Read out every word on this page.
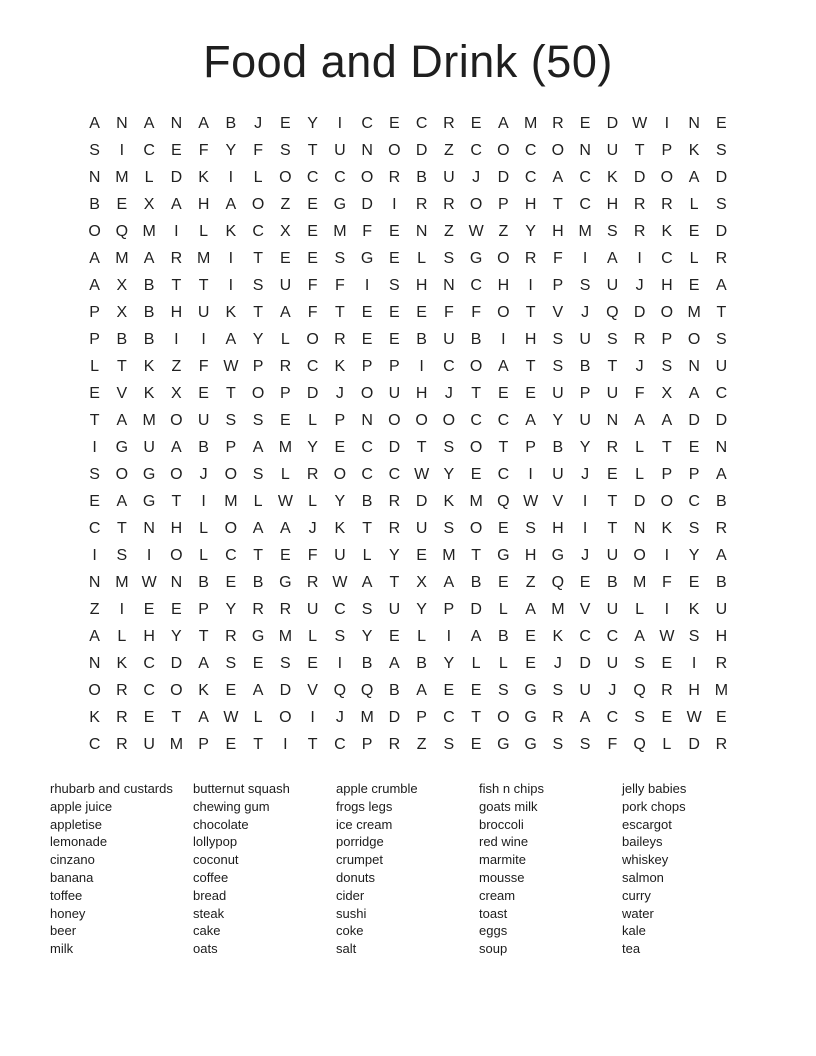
Food and Drink (50)
A	N	A	N	A	B	J	E	Y	I	C	E	C R	E	A M R	E	D W	I	N	E
S	I	C	E	F	Y	F	S	T	U N O D	Z	C O C O N U	T	P	K	S
N M	L	D	K	I	L	O C C O R	B	U	J	D C	A	C	K	D O A	D
B	E	X	A	H	A O	Z	E G D	I	R R O P	H	T	C H R R	L	S
O Q M	I	L	K	C	X	E M F	E	N	Z W Z	Y	H M S	R	K	E	D
A M A	R M	I	T	E	E	S G E	L	S G O R	F	I	A	I	C	L	R
A	X	B	T	T	I	S	U	F	F	I	S	H N C H	I	P	S	U	J	H	E	A
P	X	B	H U	K	T	A	F	T	E	E	E	F	F	O	T	V	J	Q D O M T
P	B	B	I	I	A	Y	L	O R	E	E	B	U	B	I	H	S	U	S	R	P O S
L	T	K	Z	F W P	R C	K	P	P	I	C O A	T	S	B	T	J	S	N U
E	V	K	X	E	T	O P	D	J	O U H	J	T	E	E	U	P	U	F	X	A	C
T	A M O U	S	S	E	L	P	N O O O C C	A	Y	U N	A	A	D D
I	G U	A	B	P	A M Y	E	C D	T	S O	T	P	B	Y	R	L	T	E	N
S O G O	J	O S	L	R O C C W Y	E	C	I	U	J	E	L	P	P	A
E	A G	T	I	M	L W L	Y	B	R D	K M Q W V	I	T	D O C	B
C	T	N H	L	O A	A	J	K	T	R U	S O E	S	H	I	T	N	K	S	R
I	S	I	O	L	C	T	E	F	U	L	Y	E M T	G H G	J	U O	I	Y	A
N M W N	B	E	B G R W A	T	X	A	B	E	Z	Q E	B M F	E	B
Z	I	E	E	P	Y	R R U C	S	U	Y	P	D	L	A M V	U	L	I	K	U
A	L	H	Y	T	R G M	L	S	Y	E	L	I	A	B	E	K	C C	A W S	H
N	K	C D	A	S	E	S	E	I	B	A	B	Y	L	L	E	J	D U	S	E	I	R
O R C O K	E	A	D	V Q Q B	A	E	E	S G S	U	J	Q R H M
K	R	E	T	A W L	O	I	J	M D	P	C	T	O G R	A	C	S	E W E
C R U M P	E	T	I	T	C	P	R	Z	S	E G G S	S	F	Q	L	D R
rhubarb and custards
apple juice
appletise
lemonade
cinzano
banana
toffee
honey
beer
milk
butternut squash
chewing gum
chocolate
lollypop
coconut
coffee
bread
steak
cake
oats
apple crumble
frogs legs
ice cream
porridge
crumpet
donuts
cider
sushi
coke
salt
fish n chips
goats milk
broccoli
red wine
marmite
mousse
cream
toast
eggs
soup
jelly babies
pork chops
escargot
baileys
whiskey
salmon
curry
water
kale
tea
